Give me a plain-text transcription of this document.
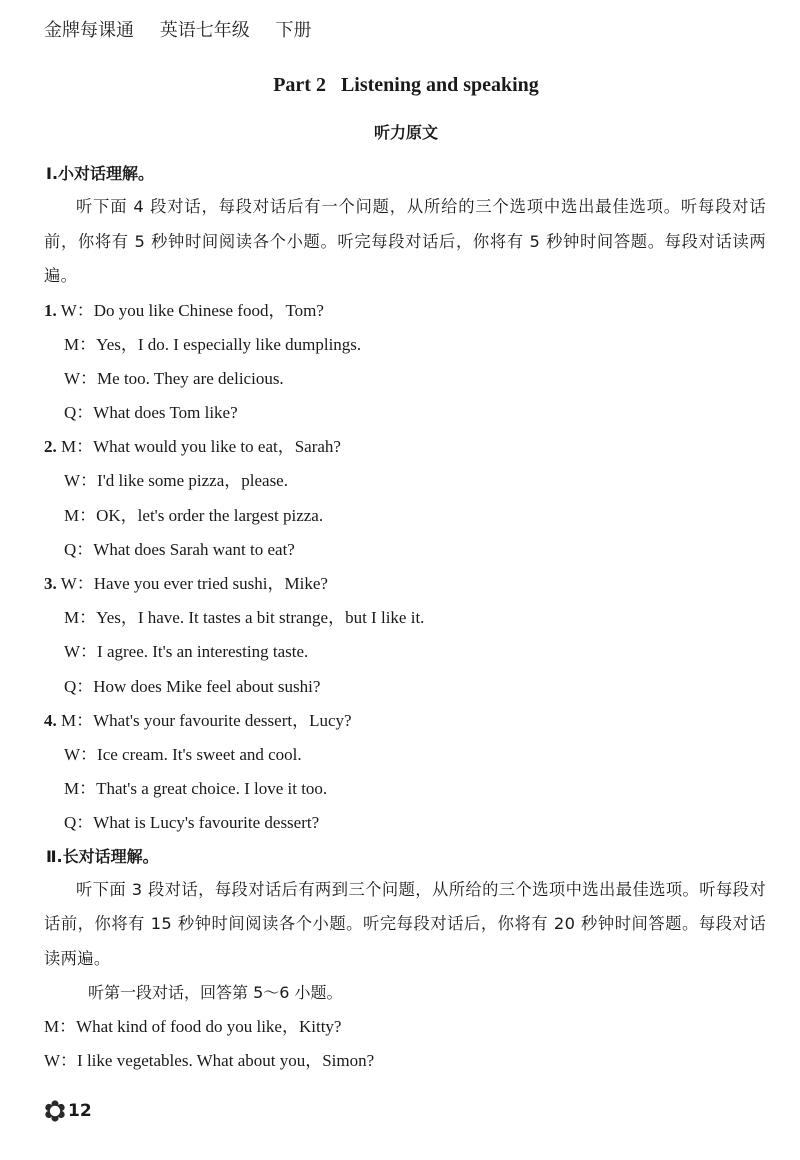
金牌每课通 英语七年级 下册
Part 2   Listening and speaking
听力原文
Ⅰ.小对话理解。

听下面 4 段对话，每段对话后有一个问题，从所给的三个选项中选出最佳选项。听每段对话前，你将有 5 秒钟时间阅读各个小题。听完每段对话后，你将有 5 秒钟时间答题。每段对话读两遍。

1. W：Do you like Chinese food，Tom?
M：Yes，I do. I especially like dumplings.
W：Me too. They are delicious.
Q：What does Tom like?
2. M：What would you like to eat，Sarah?
W：I'd like some pizza，please.
M：OK，let's order the largest pizza.
Q：What does Sarah want to eat?
3. W：Have you ever tried sushi，Mike?
M：Yes，I have. It tastes a bit strange，but I like it.
W：I agree. It's an interesting taste.
Q：How does Mike feel about sushi?
4. M：What's your favourite dessert，Lucy?
W：Ice cream. It's sweet and cool.
M：That's a great choice. I love it too.
Q：What is Lucy's favourite dessert?
Ⅱ.长对话理解。

听下面 3 段对话，每段对话后有两到三个问题，从所给的三个选项中选出最佳选项。听每段对话前，你将有 15 秒钟时间阅读各个小题。听完每段对话后，你将有 20 秒钟时间答题。每段对话读两遍。

听第一段对话，回答第 5～6 小题。
M：What kind of food do you like，Kitty?
W：I like vegetables. What about you，Simon?
12
